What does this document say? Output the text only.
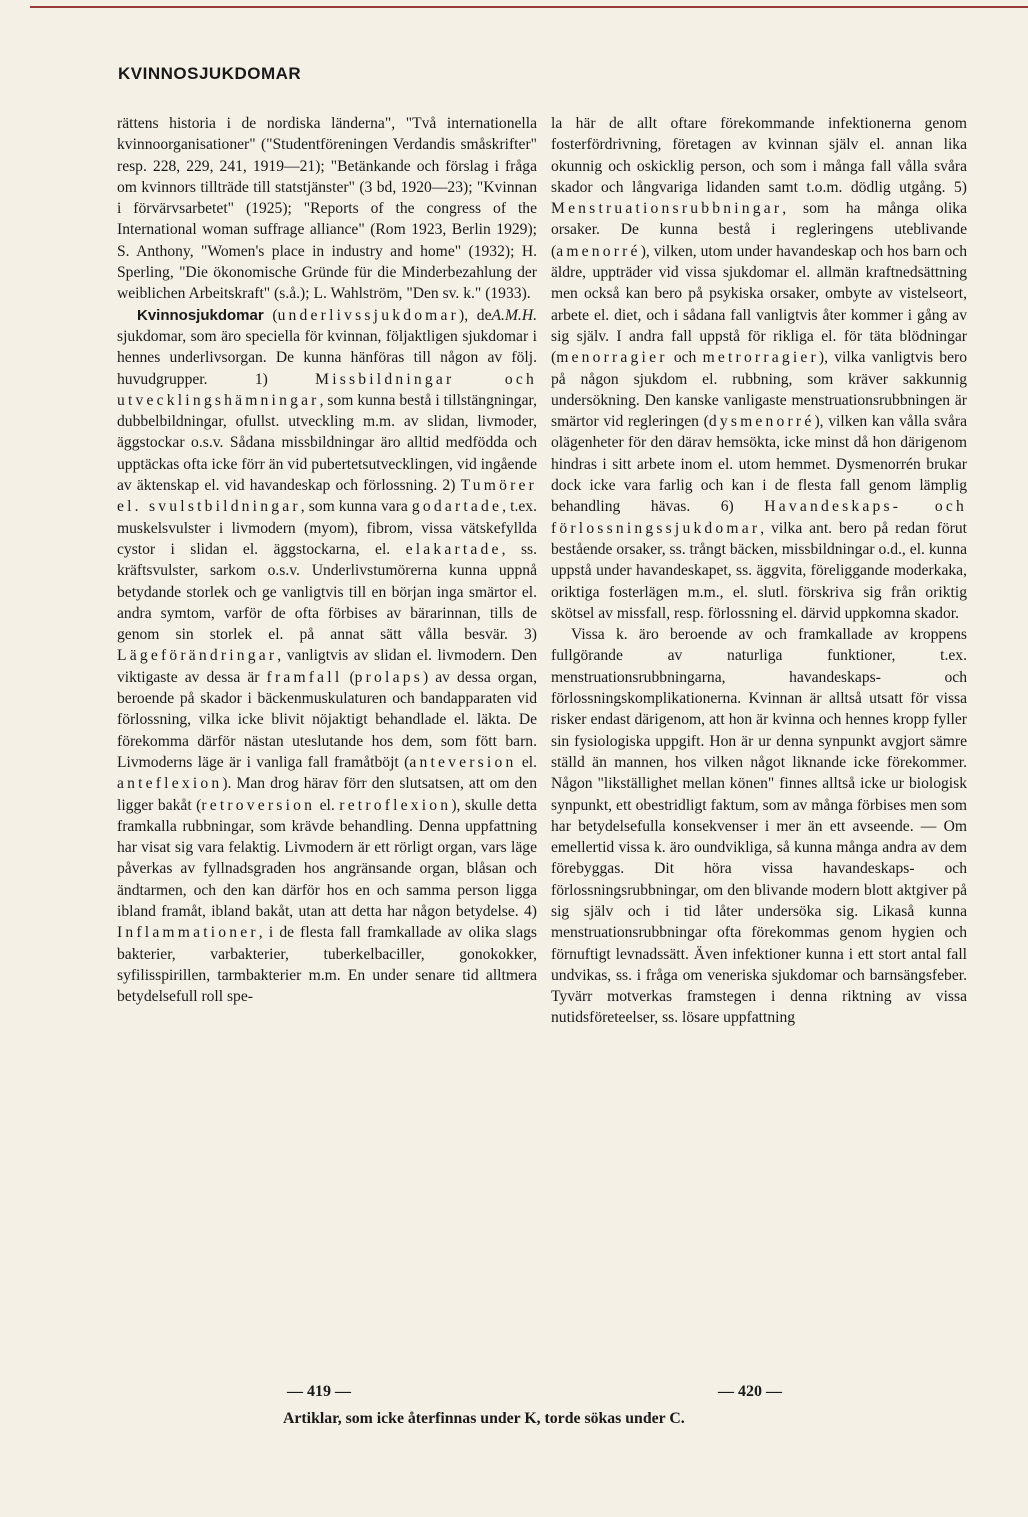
KVINNOSJUKDOMAR

rättens historia i de nordiska länderna", "Två internationella kvinnoorganisationer" ("Studentföreningen Verdandis småskrifter" resp. 228, 229, 241, 1919—21); "Betänkande och förslag i fråga om kvinnors tillträde till statstjänster" (3 bd, 1920—23); "Kvinnan i förvärvsarbetet" (1925); "Reports of the congress of the International woman suffrage alliance" (Rom 1923, Berlin 1929); S. Anthony, "Women's place in industry and home" (1932); H. Sperling, "Die ökonomische Gründe für die Minderbezahlung der weiblichen Arbeitskraft" (s.å.); L. Wahlström, "Den sv. k." (1933).
A.M.H.

Kvinnosjukdomar (underlivssjukdomar), de sjukdomar, som äro speciella för kvinnan, följaktligen sjukdomar i hennes underlivsorgan. De kunna hänföras till någon av följ. huvudgrupper. 1)	Missbildningar och utvecklingshämningar, som kunna bestå i tillstängningar, dubbelbildningar, ofullst. utveckling m.m. av slidan, livmoder, äggstockar o.s.v. Sådana missbildningar äro alltid medfödda och upptäckas ofta icke förr än vid pubertetsutvecklingen, vid ingående av äktenskap el. vid havandeskap och förlossning. 2) Tumörer el. svulstbildningar, som kunna vara godartade, t.ex. muskelsvulster i livmodern (myom), fibrom, vissa vätskefyllda cystor i slidan el. äggstockarna, el. elakartade, ss. kräftsvulster, sarkom o.s.v. Underlivstumörerna kunna uppnå betydande storlek och ge vanligtvis till en början inga smärtor el. andra symtom, varför de ofta förbises av bärarinnan, tills de genom sin storlek el. på annat sätt vålla besvär. 3) Lägeförändringar, vanligtvis av slidan el. livmodern. Den viktigaste av dessa är framfall (prolaps) av dessa organ, beroende på skador i bäckenmuskulaturen och bandapparaten vid förlossning, vilka icke blivit nöjaktigt behandlade el. läkta. De förekomma därför nästan uteslutande hos dem, som fött barn. Livmoderns läge är i vanliga fall framåtböjt (anteversion el. anteflexion). Man drog härav förr den slutsatsen, att om den ligger bakåt (retroversion el. retroflexion), skulle detta framkalla rubbningar, som krävde behandling. Denna uppfattning har visat sig vara felaktig. Livmodern är ett rörligt organ, vars läge påverkas av fyllnadsgraden hos angränsande organ, blåsan och ändtarmen, och den kan därför hos en och samma person ligga ibland framåt, ibland bakåt, utan att detta har någon betydelse. 4) Inflammationer, i de flesta fall framkallade av olika slags bakterier, varbakterier, tuberkelbaciller, gonokokker, syfilisspirillen, tarmbakterier m.m. En under senare tid alltmera betydelsefull roll spe-

la här de allt oftare förekommande infektionerna genom fosterfördrivning, företagen av kvinnan själv el. annan lika okunnig och oskicklig person, och som i många fall vålla svåra skador och långvariga lidanden samt t.o.m. dödlig utgång. 5) Menstruationsrubbningar, som ha många olika orsaker. De kunna bestå i regleringens uteblivande (amenorré), vilken, utom under havandeskap och hos barn och äldre, uppträder vid vissa sjukdomar el. allmän kraftnedsättning men också kan bero på psykiska orsaker, ombyte av vistelseort, arbete el. diet, och i sådana fall vanligtvis åter kommer i gång av sig själv. I andra fall uppstå för rikliga el. för täta blödningar (menorragier och metrorragier), vilka vanligtvis bero på någon sjukdom el. rubbning, som kräver sakkunnig undersökning. Den kanske vanligaste menstruationsrubbningen är smärtor vid regleringen (dysmenorré), vilken kan vålla svåra olägenheter för den därav hemsökta, icke minst då hon därigenom hindras i sitt arbete inom el. utom hemmet. Dysmenorrén brukar dock icke vara farlig och kan i de flesta fall genom lämplig behandling hävas. 6) Havandeskaps- och förlossningssjukdomar, vilka ant. bero på redan förut bestående orsaker, ss. trångt bäcken, missbildningar o.d., el. kunna uppstå under havandeskapet, ss. äggvita, föreliggande moderkaka, oriktiga fosterlägen m.m., el. slutl. förskriva sig från oriktig skötsel av missfall, resp. förlossning el. därvid uppkomna skador.

Vissa k. äro beroende av och framkallade av kroppens fullgörande av naturliga funktioner, t.ex. menstruationsrubbningarna, havandeskaps- och förlossningskomplikationerna. Kvinnan är alltså utsatt för vissa risker endast därigenom, att hon är kvinna och hennes kropp fyller sin fysiologiska uppgift. Hon är ur denna synpunkt avgjort sämre ställd än mannen, hos vilken något liknande icke förekommer. Någon "likställighet mellan könen" finnes alltså icke ur biologisk synpunkt, ett obestridligt faktum, som av många förbises men som har betydelsefulla konsekvenser i mer än ett avseende. — Om emellertid vissa k. äro oundvikliga, så kunna många andra av dem förebyggas. Dit höra vissa havandeskaps- och förlossningsrubbningar, om den blivande modern blott aktgiver på sig själv och i tid låter undersöka sig. Likaså kunna menstruationsrubbningar ofta förekommas genom hygien och förnuftigt levnadssätt. Även infektioner kunna i ett stort antal fall undvikas, ss. i fråga om veneriska sjukdomar och barnsängsfeber. Tyvärr motverkas framstegen i denna riktning av vissa nutidsföreteelser, ss. lösare uppfattning

— 419 —	— 420 —
Artiklar, som icke återfinnas under K, torde sökas under C.
